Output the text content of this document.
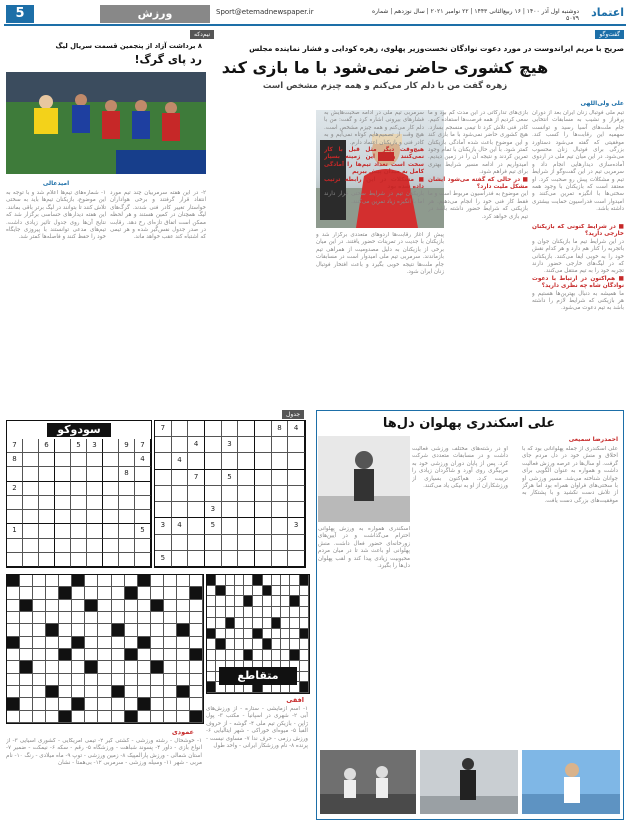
5	ورزش	Sport@etemadnewspaper.ir	دوشنبه اول آذر ۱۴۰۰ | ۱۶ ربیع‌الثانی ۱۴۴۳ | ۲۲ نوامبر ۲۰۲۱ | سال نوزدهم | شماره ۵۰۷۹ اعتماد
گفت‌و‌گو
صریح‌ با مریم ایراندوست در مورد دعوت نوادگان نخست‌وزیر پهلوی، زهره کودایی و فشار نماینده مجلس
هیچ کشوری حاضر نمی‌شود با ما بازی کند
زهره گفت من با دلم کار می‌کنم و همه چیزم مشخص است
علی ولی‌اللهی
تیم ملی فوتبال زنان ایران بعد از دوران پرفراز و نشیب به مسابقات انتخابی جام ملت‌های آسیا رسید و توانست سهمیه این رقابت‌ها را کسب کند. موفقیتی که گفته می‌شود دستاورد بزرگی برای فوتبال زنان محسوب می‌شود. در این میان تیم ملی در اردوی آماده‌سازی دیدارهایی انجام داد و سرمربی تیم در این گفت‌وگو از شرایط تیم و مشکلات پیش رو صحبت کرد. او معتقد است که بازیکنان با وجود همه سختی‌ها با انگیزه تمرین می‌کنند و امیدوار است فدراسیون حمایت بیشتری داشته باشد.
■ در شرایط کنونی که بازیکنان خارجی دارید؟
در این شرایط تیم ما بازیکنان جوان و باتجربه را کنار هم دارد و هر کدام نقش خود را به خوبی ایفا می‌کنند. بازیکنانی که در لیگ‌های خارجی حضور دارند تجربه خود را به تیم منتقل می‌کنند.
■ هم‌اکنون در ارتباط با دعوت نوادگان شاه چه نظری دارید؟
ما همیشه به دنبال بهترین‌ها هستیم و هر بازیکنی که شرایط لازم را داشته باشد به تیم دعوت می‌شود.
بازی‌های تدارکاتی در این مدت کم بود و ما سعی کردیم از همه فرصت‌ها استفاده کنیم. کادر فنی تلاش کرد تا تیمی منسجم بسازد. هیچ کشوری حاضر نمی‌شود با ما بازی کند و این موضوع باعث شده آمادگی بازیکنان کمتر شود. با این حال بازیکنان با تمام وجود تمرین کردند و نتیجه آن را در زمین دیدیم. امیدواریم در ادامه مسیر شرایط بهتری برای تیم فراهم شود.
■ در حالی که گفته می‌شود ایشان مشکل ملیت دارد؟
این موضوع به فدراسیون مربوط است و ما فقط کار فنی خود را انجام می‌دهیم. هر بازیکنی که شرایط حضور داشته باشد در تیم بازی خواهد کرد.
سرمربی تیم ملی در ادامه صحبت‌هایش به فشارهای بیرونی اشاره کرد و گفت: من با دلم کار می‌کنم و همه چیزم مشخص است. هیچ وقت از تصمیم‌هایم کوتاه نمی‌آیم و به کادر فنی و بازیکنان اعتماد دارم.
هیچ‌وقت دیگر مثل قبل با کار نمی‌کنند و در این زمینه بسیار سخت است تعداد تیم‌ها را آمادگی کامل به میدان پیش ببریم
■ مشکلات در این رابطه ترتیب داده شده بود
بازیکنان تیم در شرایط سختی قرار دارند اما با انگیزه زیاد تمرین می‌کنند.
پیش از آغاز رقابت‌ها اردوهای متعددی برگزار شد و بازیکنان با جدیت در تمرینات حضور یافتند. در این میان برخی از بازیکنان به دلیل مصدومیت از همراهی تیم بازماندند. سرمربی تیم ملی امیدوار است در مسابقات جام ملت‌ها نتیجه خوبی بگیرد و باعث افتخار فوتبال زنان ایران شود.
نیم‌دکه
۸ برداشت آزاد از پنجمین قسمت سریال لیگ
رد پای گرگ!
امیدعالی
۱- شماره‌های تیم‌ها اعلام شد و با توجه به این موضوع، بازیکنان تیم‌ها باید به سختی تلاش کنند تا بتوانند در لیگ برتر باقی بمانند. این هفته دیدارهای حساسی برگزار شد که نتایج آن‌ها روی جدول تاثیر زیادی داشت. تیم‌های مدعی توانستند با پیروزی جایگاه خود را حفظ کنند و فاصله‌ها کمتر شد.
۲- در این هفته سرمربیان چند تیم مورد انتقاد قرار گرفتند و برخی هواداران خواستار تغییر کادر فنی شدند. گرگ‌های لیگ همچنان در کمین هستند و هر لحظه ممکن است اتفاق تازه‌ای رخ دهد. رقابت در صدر جدول نفس‌گیر شده و هر تیمی که اشتباه کند عقب خواهد ماند.
علی اسکندری پهلوان دل‌ها
احمدرضا سمیعی
علی اسکندری از جمله پهلوانانی بود که با اخلاق و منش خود در دل مردم جای گرفت. او سال‌ها در عرصه ورزش فعالیت داشت و همواره به عنوان الگویی برای جوانان شناخته می‌شد. مسیر ورزشی او با سختی‌های فراوان همراه بود اما هرگز از تلاش دست نکشید و با پشتکار به موفقیت‌های بزرگی دست یافت.
او در رشته‌های مختلف ورزشی فعالیت داشت و در مسابقات متعددی شرکت کرد. پس از پایان دوران ورزشی خود به مربیگری روی آورد و شاگردان زیادی را تربیت کرد. هم‌اکنون بسیاری از ورزشکاران از او به نیکی یاد می‌کنند.
اسکندری همواره به ورزش پهلوانی احترام می‌گذاشت و در آیین‌های زورخانه‌ای حضور فعال داشت. منش پهلوانی او باعث شد تا در میان مردم محبوبیت زیادی پیدا کند و لقب پهلوان دل‌ها را بگیرد.
جدول
7	8	4
4	3
4
7	5
3
3	4	5	3
5
سودوکو
7	6	5	3	9	7
8	4
8
2
1	5
متقاطع
افقی
۱- اسم آزمایشی - ستاره - از ورزش‌های آبی ۲- شهری در اسپانیا - مکتب ۳- پول ژاپن - بازیکن تیم ملی ۴- گوشه - از حروف الفبا ۵- میوه‌ای خوراکی - شهر ایتالیایی ۶- ورزش رزمی - حرف ندا ۷- مساوی نیست - پرنده ۸- نام ورزشکار ایرانی - واحد طول
عمودی
۱- خوشحال - رشته ورزشی - کشتی گیر ۲- تیمی آمریکایی - کشوری آسیایی ۳- از انواع بازی - داور ۴- پسوند شباهت - ورزشگاه ۵- رقم - سکه ۶- نیمکت - ضمیر ۷- استان شمالی - ورزش پارالمپیک ۸- زمین ورزشی - توپ ۹- ماه میلادی - رنگ ۱۰- نام مربی - شهر ۱۱- وسیله ورزشی - سرمربی ۱۲- بی‌همتا - نشان
